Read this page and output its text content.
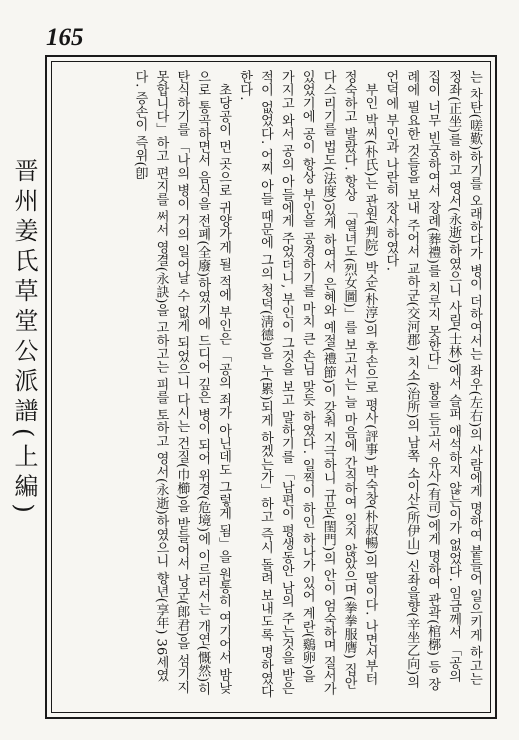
165
晋州姜氏草堂公派譜(上編)	는 차탄(嗟歎)하기를 오래하다가 병이 더하여서는 좌우(左右)의 사람에게 명하여 붙들어 일으키게 하고는 정좌(正坐)를 하고 영서(永逝)하였으니 사림(士林)에서 슬퍼 애석하지 않는이가 없었다. 임금께서 「공의 집이 너무 빈궁하여서 장례(葬禮)를 치루지 못한다」 함을 듣고서 유사(有司)에게 명하여 관곽(棺槨) 등 장례에 필요한 것들을 보내 주어서 교하군(交河郡) 치소(治所)의 남쪽 소이산(所伊山) 신좌을향(辛坐乙向)의 언덕에 부인과 나란히 장사하였다.

부인 박씨(朴氏)는 관원(判院) 박순(朴淳)의 후손으로 평사(評事) 박숙창(朴叔暢)의 딸이다. 나면서부터 정숙하고 발랐다. 항상 「열녀도(烈女圖)」를 보고서는 늘 마음에 간직하여 잊지 않았으며(拳拳服膺) 집안 다스리기를 법도(法度)있게 하여서 은혜와 예절(禮節)이 갖춰 지극하니 규문(閨門)의 안이 엄숙하며 질서가 있었기에 공이 항상 부인을 공경하기를 마치 큰 손님 맞듯 하였다. 일찍이 하인 하나가 있어 계란(鷄卵)을 가지고 와서 공의 아들에게 주었더니, 부인이 그것을 보고 말하기를 「남편이 평생동안 남의 주는것을 받은적이 없었다. 어찌 아들 때문에 그의 청덕(淸德)을 누(累)되게 하겠는가」하고 즉시 돌려 보내도록 명하였다 한다.

초당공이 먼 곳으로 귀양가게 될 적에 부인은 「공의 죄가 아닌데도 그렇게 됨」을 원통히 여기어서 밤낮으로 통곡하면서 음식을 전폐(全廢)하였기에 드디어 깊은 병이 되어 위경(危境)에 이르러서는 개연(慨然)히 탄식하기를 「나의 병이 거의 일어날 수 없게 되었으니 다시는 건질(巾櫛)을 받들어서 낭군(郎君)을 섬기지 못합니다」하고 편지를 써서 영결(永訣)을 고하고는 피를 토하고 영서(永逝)하였으니 향년(享年) 36세였다. 증손이 즉위(卽
